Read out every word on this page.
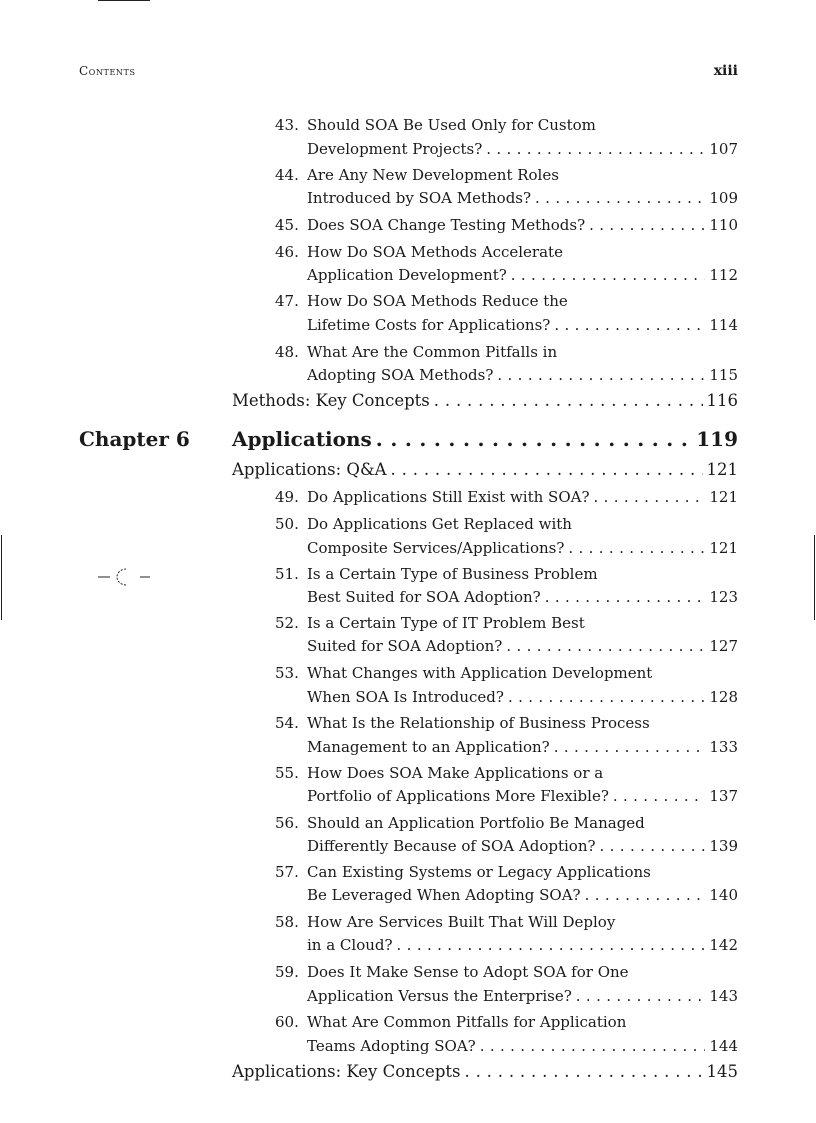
Contents	xiii
43. Should SOA Be Used Only for Custom
Development Projects? . . .	107
44. Are Any New Development Roles
Introduced by SOA Methods? . . .	109
45. Does SOA Change Testing Methods? . . .	110
46. How Do SOA Methods Accelerate
Application Development? . . .	112
47. How Do SOA Methods Reduce the
Lifetime Costs for Applications? . . .	114
48. What Are the Common Pitfalls in
Adopting SOA Methods? . . .	115
Methods: Key Concepts . . .	116
Chapter 6 Applications . . .	119
Applications: Q&A . . .	121
49. Do Applications Still Exist with SOA? . . .	121
50. Do Applications Get Replaced with
Composite Services/Applications? . . .	121
51. Is a Certain Type of Business Problem
Best Suited for SOA Adoption? . . .	123
52. Is a Certain Type of IT Problem Best
Suited for SOA Adoption? . . .	127
53. What Changes with Application Development
When SOA Is Introduced? . . .	128
54. What Is the Relationship of Business Process
Management to an Application? . . .	133
55. How Does SOA Make Applications or a
Portfolio of Applications More Flexible? . . .	137
56. Should an Application Portfolio Be Managed
Differently Because of SOA Adoption? . . .	139
57. Can Existing Systems or Legacy Applications
Be Leveraged When Adopting SOA? . . .	140
58. How Are Services Built That Will Deploy
in a Cloud? . . .	142
59. Does It Make Sense to Adopt SOA for One
Application Versus the Enterprise? . . .	143
60. What Are Common Pitfalls for Application
Teams Adopting SOA? . . .	144
Applications: Key Concepts . . .	145
